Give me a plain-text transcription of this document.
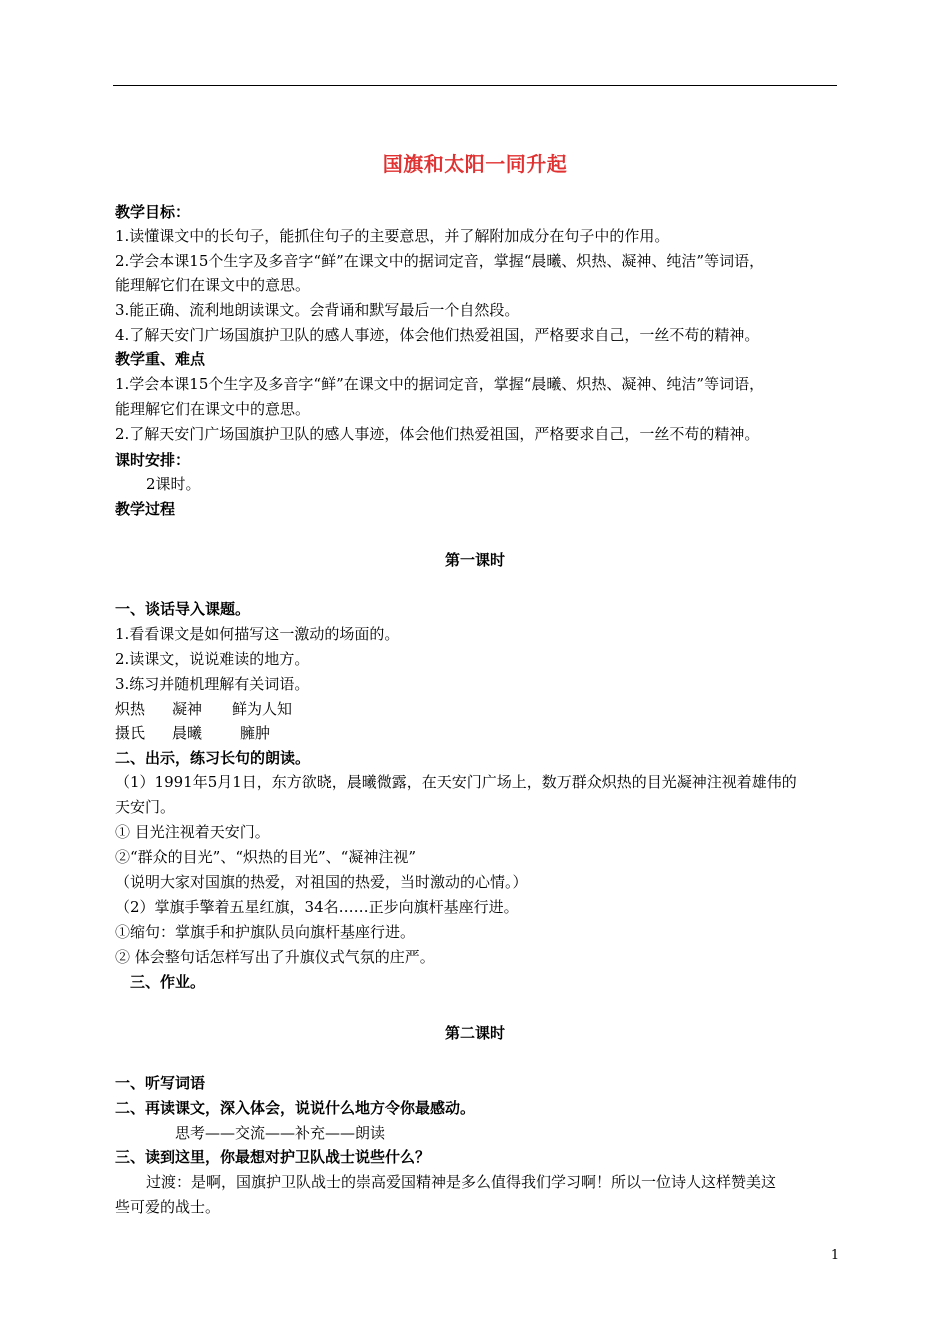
国旗和太阳一同升起
教学目标：
1.读懂课文中的长句子，能抓住句子的主要意思，并了解附加成分在句子中的作用。
2.学会本课15个生字及多音字“鲜”在课文中的据词定音，掌握“晨曦、炽热、凝神、纯洁”等词语，
能理解它们在课文中的意思。
3.能正确、流利地朗读课文。会背诵和默写最后一个自然段。
4.了解天安门广场国旗护卫队的感人事迹，体会他们热爱祖国，严格要求自己，一丝不苟的精神。
教学重、难点
1.学会本课15个生字及多音字“鲜”在课文中的据词定音，掌握“晨曦、炽热、凝神、纯洁”等词语，
能理解它们在课文中的意思。
2.了解天安门广场国旗护卫队的感人事迹，体会他们热爱祖国，严格要求自己，一丝不苟的精神。
课时安排：
2课时。
教学过程
第一课时
一、谈话导入课题。
1.看看课文是如何描写这一激动的场面的。
2.读课文，说说难读的地方。
3.练习并随机理解有关词语。
炽热	凝神	鲜为人知
摄氏	晨曦	臃肿
二、出示，练习长句的朗读。
（1）1991年5月1日，东方欲晓，晨曦微露，在天安门广场上，数万群众炽热的目光凝神注视着雄伟的
天安门。
① 目光注视着天安门。
②“群众的目光”、“炽热的目光”、“凝神注视”
（说明大家对国旗的热爱，对祖国的热爱，当时激动的心情。）
（2）掌旗手擎着五星红旗，34名……正步向旗杆基座行进。
①缩句：掌旗手和护旗队员向旗杆基座行进。
② 体会整句话怎样写出了升旗仪式气氛的庄严。
三、作业。
第二课时
一、听写词语
二、再读课文，深入体会，说说什么地方令你最感动。
思考——交流——补充——朗读
三、读到这里，你最想对护卫队战士说些什么？
过渡：是啊，国旗护卫队战士的崇高爱国精神是多么值得我们学习啊！所以一位诗人这样赞美这
些可爱的战士。
1
